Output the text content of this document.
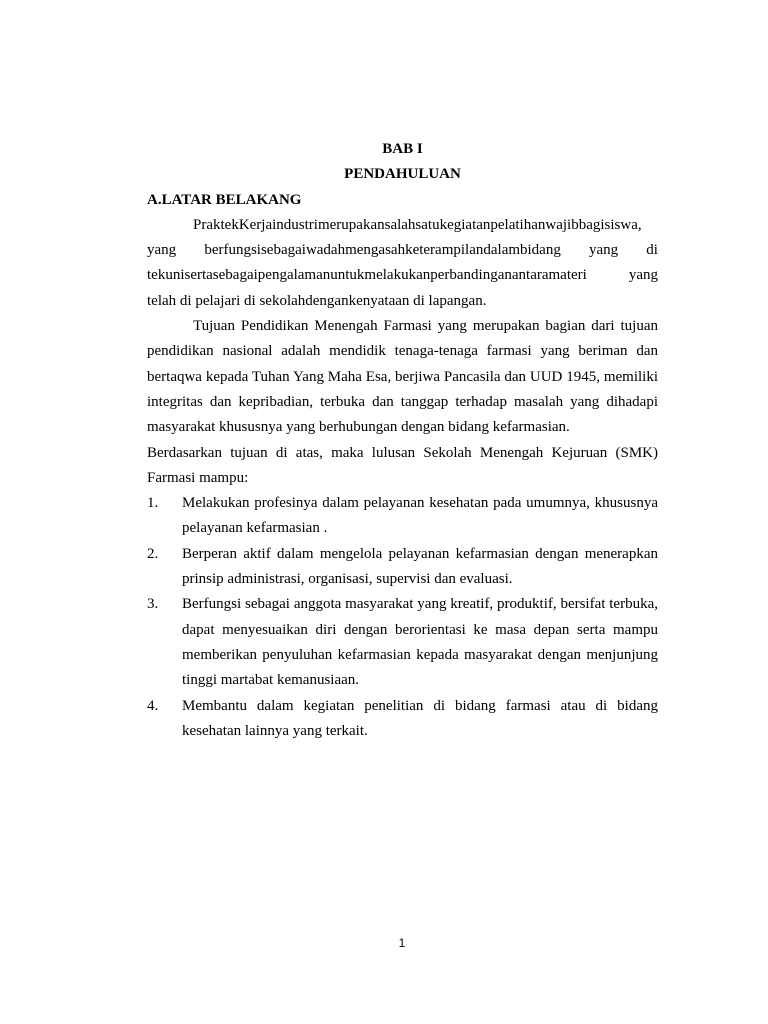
BAB I
PENDAHULUAN
A.LATAR BELAKANG
PraktekKerjaindustrimerupakansalahsatukegiatanpelatihanwajibbagisiswa,
yang berfungsisebagaiwadahmengasahketerampilandalambidang yang di
tekunisertasebagaipengalamanuntukmelakukanperbandinganantaramateri	yang
telah di pelajari di sekolahdengankenyataan di lapangan.

Tujuan Pendidikan Menengah Farmasi yang merupakan bagian dari tujuan pendidikan nasional adalah mendidik tenaga-tenaga farmasi yang beriman dan bertaqwa kepada Tuhan Yang Maha Esa, berjiwa Pancasila dan UUD 1945, memiliki integritas dan kepribadian, terbuka dan tanggap terhadap masalah yang dihadapi masyarakat khususnya yang berhubungan dengan bidang kefarmasian.

Berdasarkan tujuan di atas, maka lulusan Sekolah Menengah Kejuruan (SMK) Farmasi mampu:

1.	Melakukan profesinya dalam pelayanan kesehatan pada umumnya, khususnya pelayanan kefarmasian .
2.	Berperan aktif dalam mengelola pelayanan kefarmasian dengan menerapkan prinsip administrasi, organisasi, supervisi dan evaluasi.
3.	Berfungsi sebagai anggota masyarakat yang kreatif, produktif, bersifat terbuka, dapat menyesuaikan diri dengan berorientasi ke masa depan serta mampu memberikan penyuluhan kefarmasian kepada masyarakat dengan menjunjung tinggi martabat kemanusiaan.
4.	Membantu dalam kegiatan penelitian di bidang farmasi atau di bidang kesehatan lainnya yang terkait.
1
